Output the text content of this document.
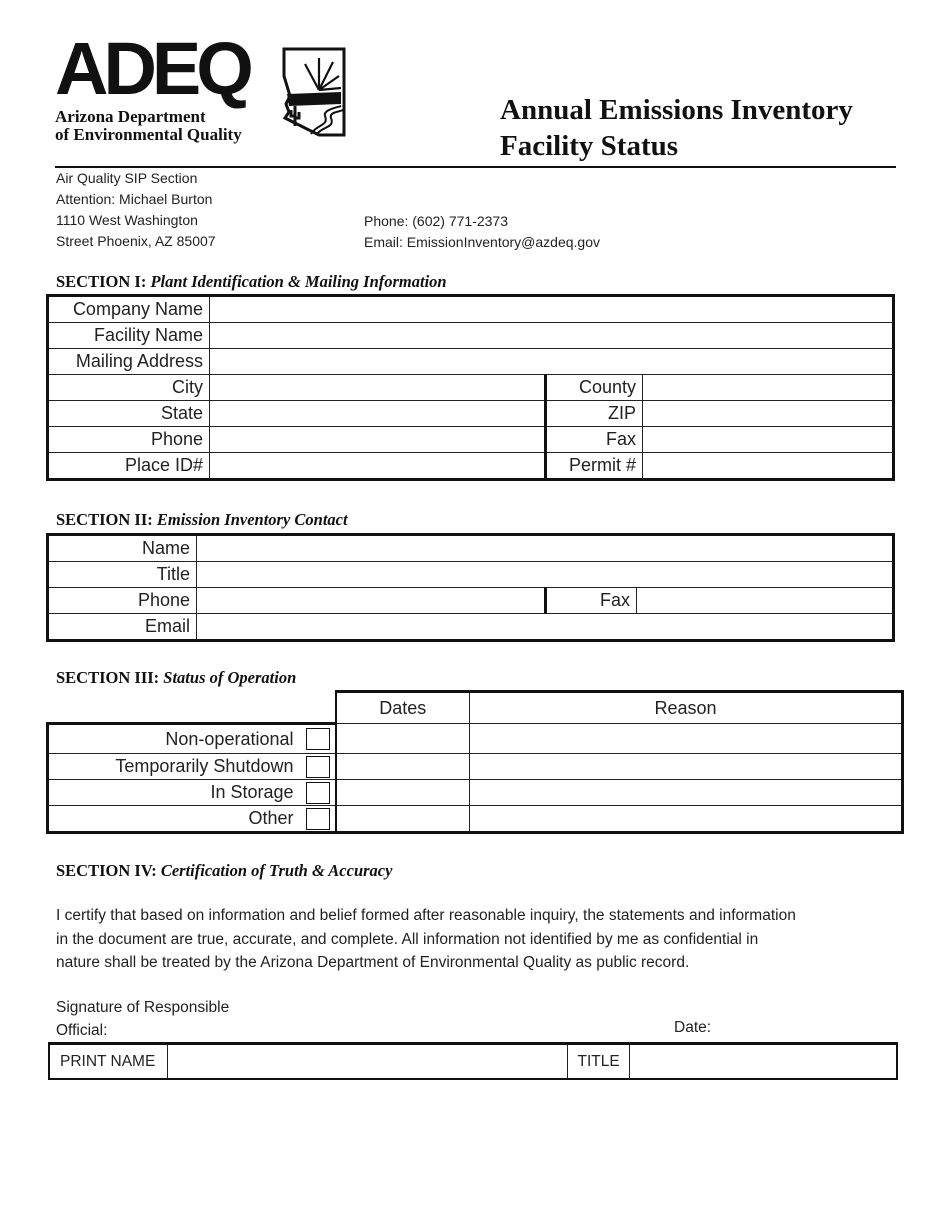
ADEQ
Arizona Department
of Environmental Quality
Annual Emissions Inventory
Facility Status
Air Quality SIP Section
Attention: Michael Burton
1110 West Washington
Street Phoenix, AZ 85007
Phone: (602) 771-2373
Email: EmissionInventory@azdeq.gov
SECTION I: Plant Identification & Mailing Information
Company Name			
Facility Name			
Mailing Address			
City		County	
State		ZIP	
Phone		Fax	
Place ID#		Permit #	
SECTION II: Emission Inventory Contact
Name			
Title			
Phone		Fax	
Email			
SECTION III: Status of Operation
		Dates	Reason
Non-operational			
Temporarily Shutdown			
In Storage			
Other			
SECTION IV: Certification of Truth & Accuracy
I certify that based on information and belief formed after reasonable inquiry, the statements and information
in the document are true, accurate, and complete. All information not identified by me as confidential in
nature shall be treated by the Arizona Department of Environmental Quality as public record.
Signature of Responsible
Official:	Date:
PRINT NAME		TITLE	
